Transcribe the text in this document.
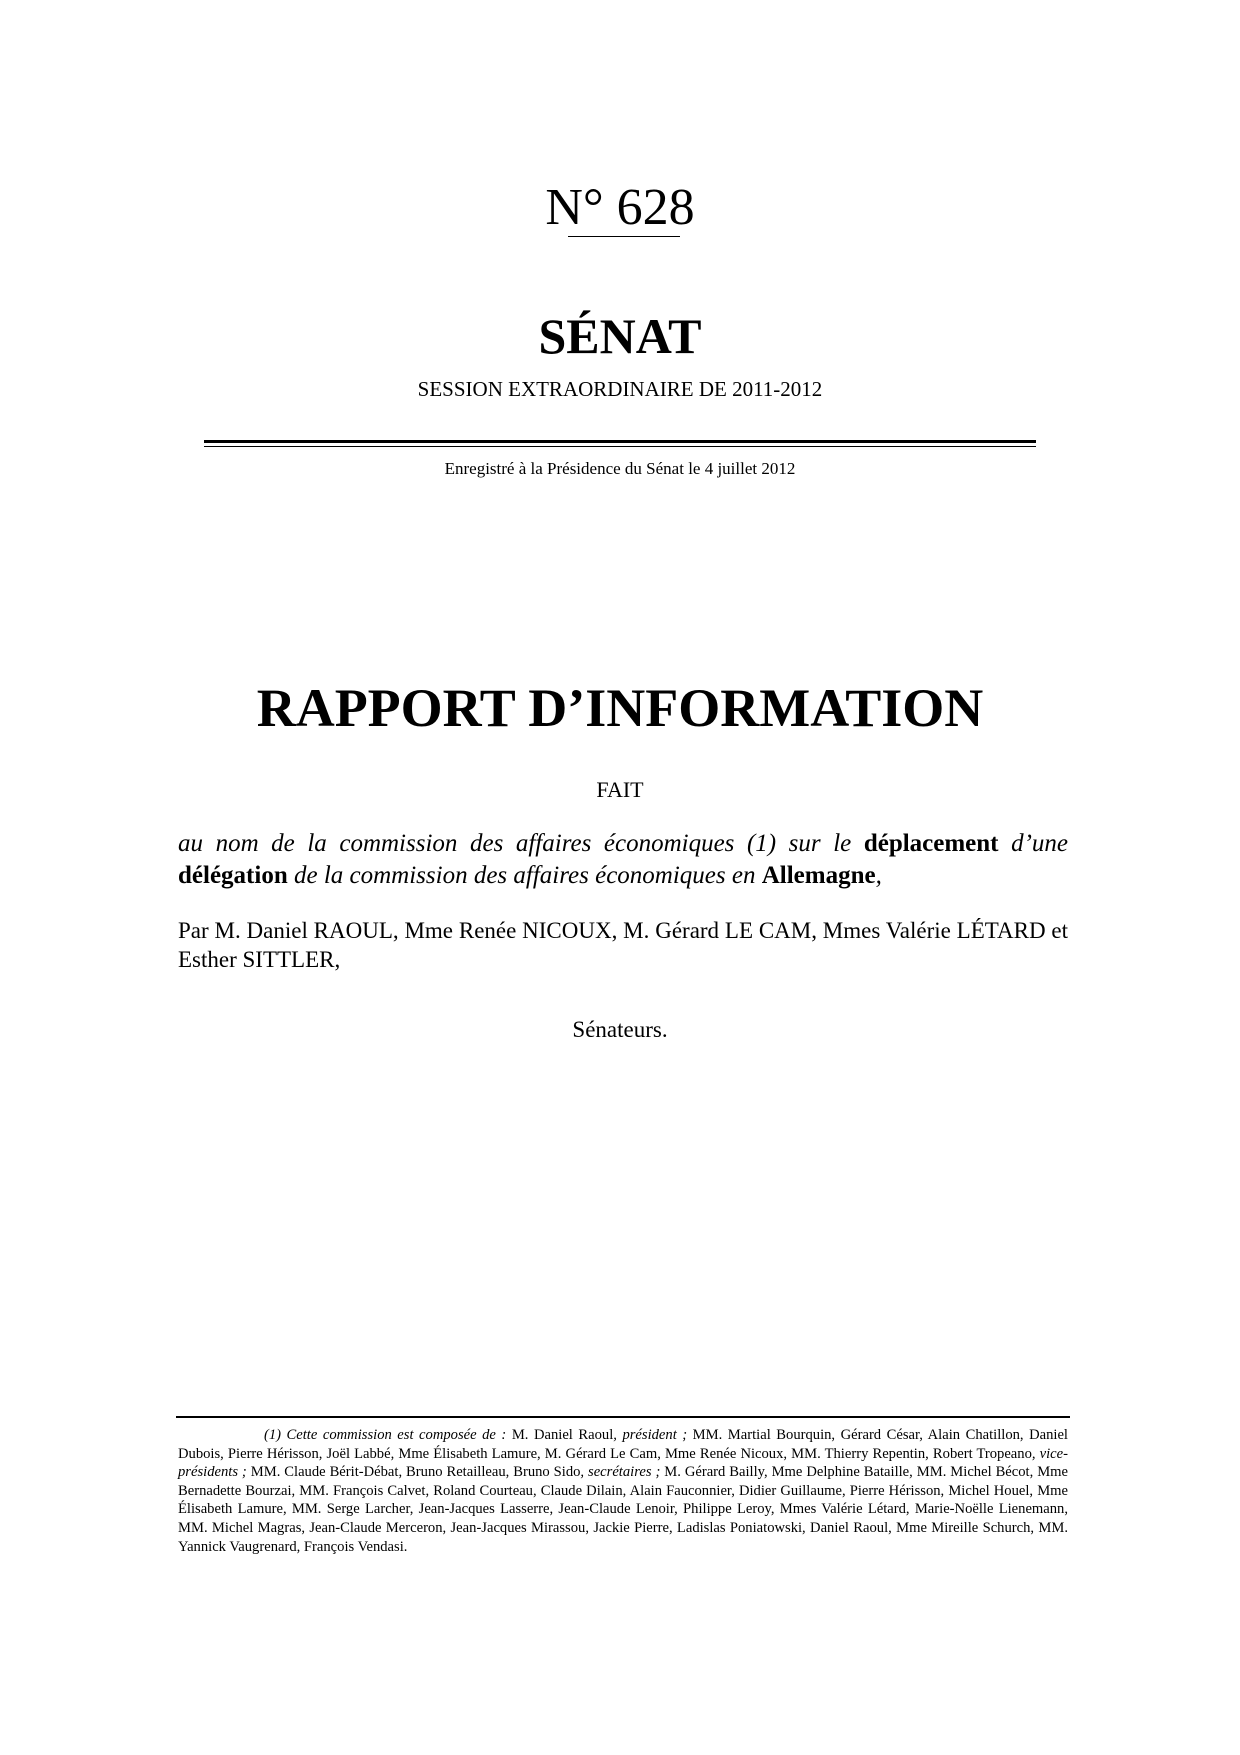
N° 628
SÉNAT
SESSION EXTRAORDINAIRE DE 2011-2012
Enregistré à la Présidence du Sénat le 4 juillet 2012
RAPPORT D’INFORMATION
FAIT
au nom de la commission des affaires économiques (1) sur le déplacement d’une délégation de la commission des affaires économiques en Allemagne,
Par M. Daniel RAOUL, Mme Renée NICOUX, M. Gérard LE CAM, Mmes Valérie LÉTARD et Esther SITTLER,
Sénateurs.
(1) Cette commission est composée de : M. Daniel Raoul, président ; MM. Martial Bourquin, Gérard César, Alain Chatillon, Daniel Dubois, Pierre Hérisson, Joël Labbé, Mme Élisabeth Lamure, M. Gérard Le Cam, Mme Renée Nicoux, MM. Thierry Repentin, Robert Tropeano, vice-présidents ; MM. Claude Bérit-Débat, Bruno Retailleau, Bruno Sido, secrétaires ; M. Gérard Bailly, Mme Delphine Bataille, MM. Michel Bécot, Mme Bernadette Bourzai, MM. François Calvet, Roland Courteau, Claude Dilain, Alain Fauconnier, Didier Guillaume, Pierre Hérisson, Michel Houel, Mme Élisabeth Lamure, MM. Serge Larcher, Jean-Jacques Lasserre, Jean-Claude Lenoir, Philippe Leroy, Mmes Valérie Létard, Marie-Noëlle Lienemann, MM. Michel Magras, Jean-Claude Merceron, Jean-Jacques Mirassou, Jackie Pierre, Ladislas Poniatowski, Daniel Raoul, Mme Mireille Schurch, MM. Yannick Vaugrenard, François Vendasi.
